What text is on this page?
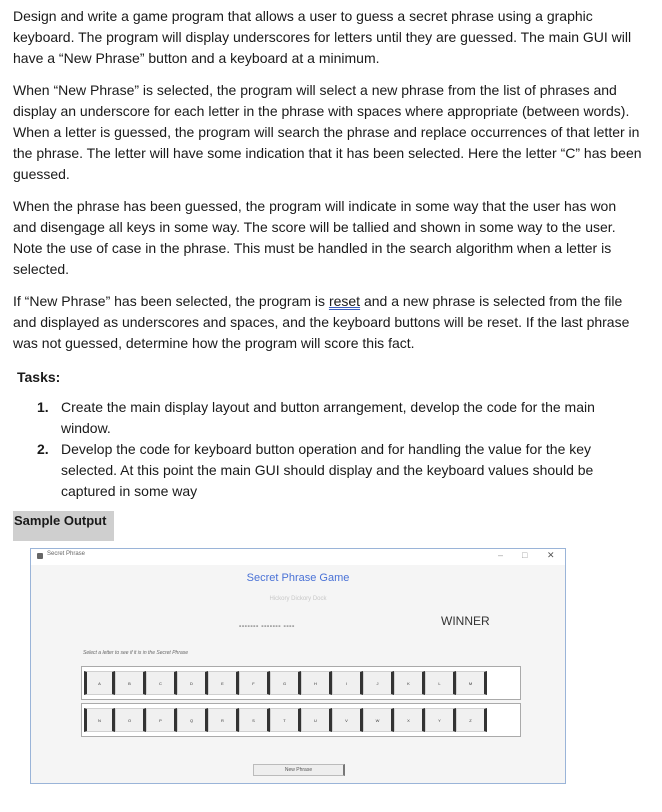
Design and write a game program that allows a user to guess a secret phrase using a graphic keyboard. The program will display underscores for letters until they are guessed. The main GUI will have a “New Phrase” button and a keyboard at a minimum.

When “New Phrase” is selected, the program will select a new phrase from the list of phrases and display an underscore for each letter in the phrase with spaces where appropriate (between words). When a letter is guessed, the program will search the phrase and replace occurrences of that letter in the phrase. The letter will have some indication that it has been selected. Here the letter “C” has been guessed.

When the phrase has been guessed, the program will indicate in some way that the user has won and disengage all keys in some way. The score will be tallied and shown in some way to the user. Note the use of case in the phrase. This must be handled in the search algorithm when a letter is selected.

If “New Phrase” has been selected, the program is reset and a new phrase is selected from the file and displayed as underscores and spaces, and the keyboard buttons will be reset. If the last phrase was not guessed, determine how the program will score this fact.

Tasks:
1. Create the main display layout and button arrangement, develop the code for the main window.
2. Develop the code for keyboard button operation and for handling the value for the key selected. At this point the main GUI should display and the keyboard values should be captured in some way
Sample Output
Secret Phrase	– □ ✕
Secret Phrase Game
Hickory Dickory Dock
------- ------- ----	WINNER
Select a letter to see if it is in the Secret Phrase
A	B	C	D	E	F	G	H	I	J	K	L	M
N	O	P	Q	R	S	T	U	V	W	X	Y	Z
New Phrase
